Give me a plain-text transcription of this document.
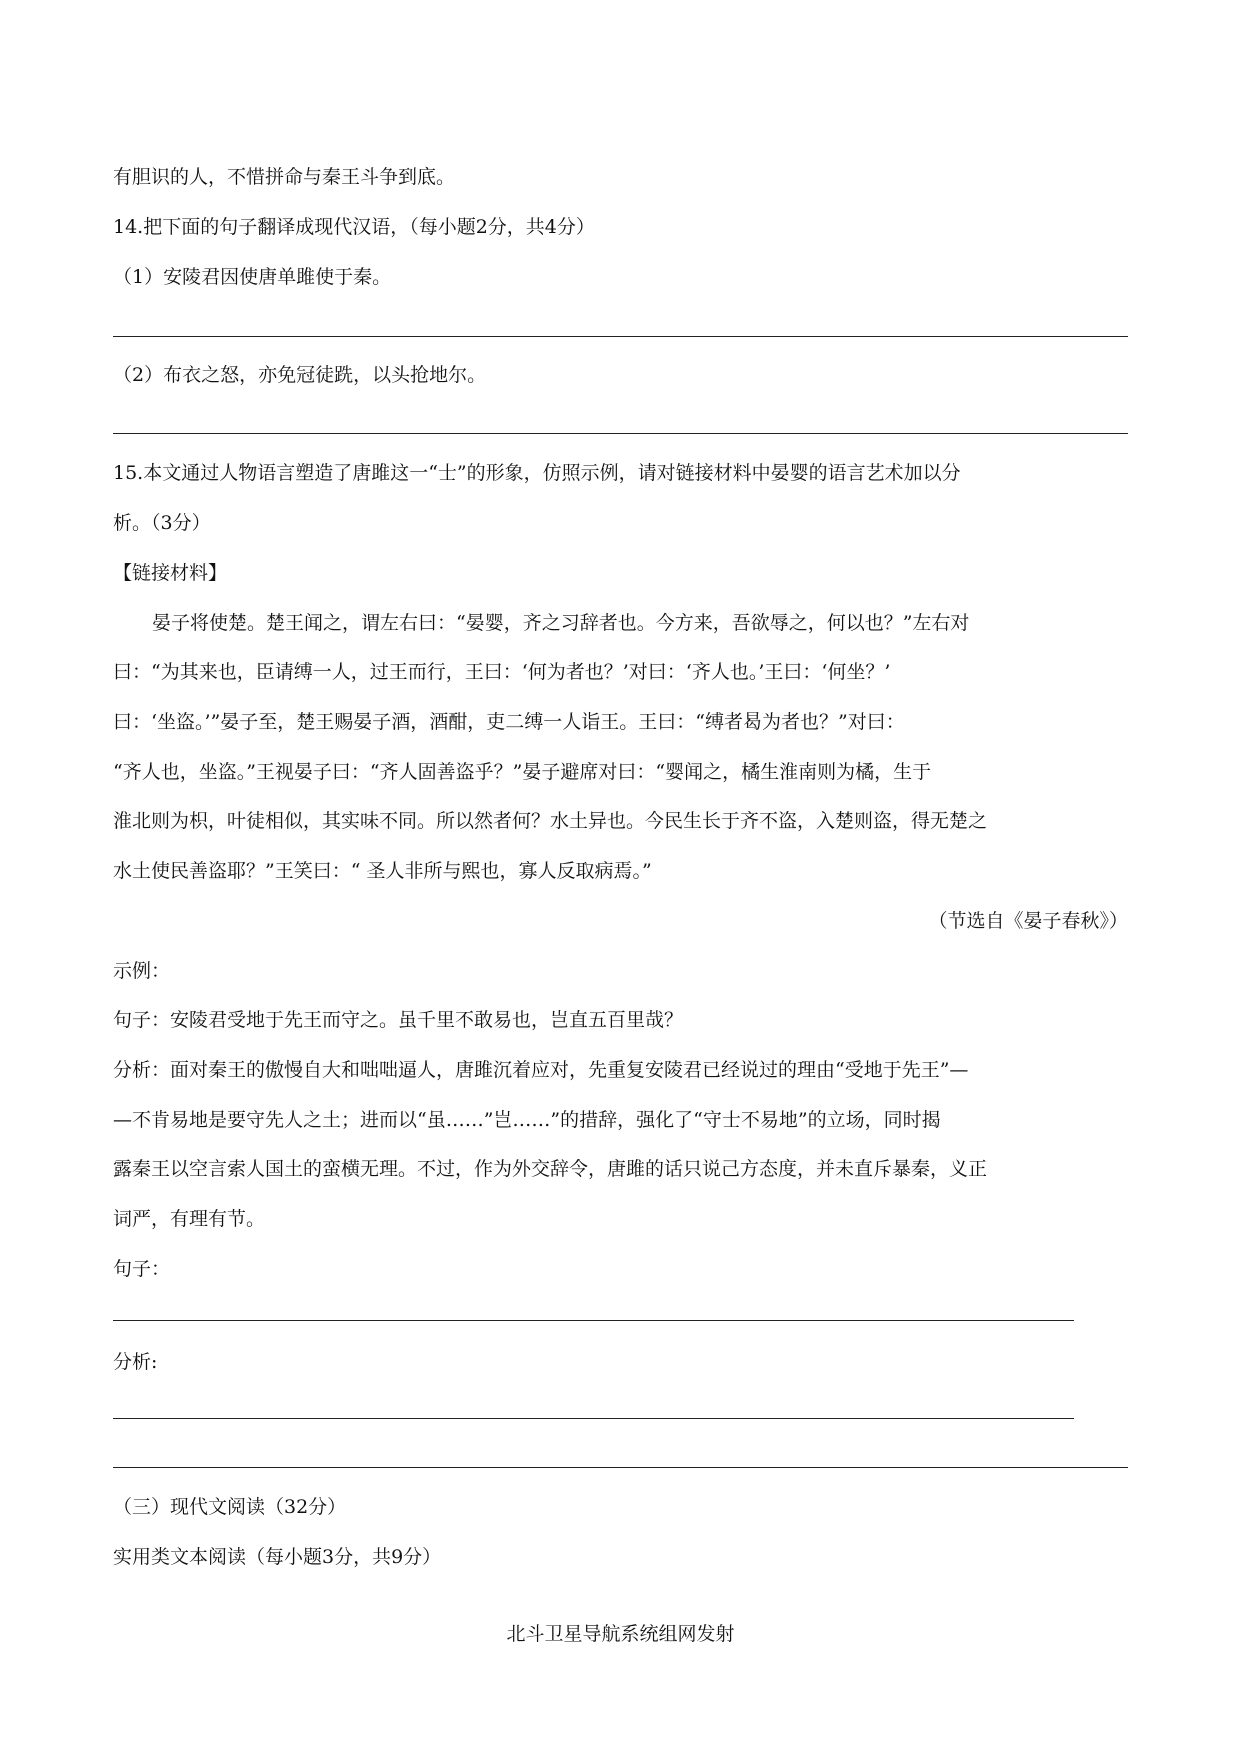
有胆识的人，不惜拼命与秦王斗争到底。
14.把下面的句子翻译成现代汉语，（每小题2分，共4分）
（1）安陵君因使唐单雎使于秦。
（2）布衣之怒，亦免冠徒跣，以头抢地尔。
15.本文通过人物语言塑造了唐雎这一“士”的形象，仿照示例，请对链接材料中晏婴的语言艺术加以分
析。（3分）
【链接材料】
晏子将使楚。楚王闻之，谓左右曰：“晏婴，齐之习辞者也。今方来，吾欲辱之，何以也？”左右对
曰：“为其来也，臣请缚一人，过王而行，王曰：‘何为者也？’对曰：‘齐人也。’王曰：‘何坐？’
曰：‘坐盗。’”晏子至，楚王赐晏子酒，酒酣，吏二缚一人诣王。王曰：“缚者曷为者也？”对曰：
“齐人也，坐盗。”王视晏子曰：“齐人固善盗乎？”晏子避席对曰：“婴闻之，橘生淮南则为橘，生于
淮北则为枳，叶徒相似，其实味不同。所以然者何？水土异也。今民生长于齐不盗，入楚则盗，得无楚之
水土使民善盗耶？”王笑曰：“ 圣人非所与熙也，寡人反取病焉。”
（节选自《晏子春秋》）
示例：
句子：安陵君受地于先王而守之。虽千里不敢易也，岂直五百里哉？
分析：面对秦王的傲慢自大和咄咄逼人，唐雎沉着应对，先重复安陵君已经说过的理由“受地于先王”—
—不肯易地是要守先人之土；进而以“虽……”岂……”的措辞，强化了“守士不易地”的立场，同时揭
露秦王以空言索人国土的蛮横无理。不过，作为外交辞令，唐雎的话只说己方态度，并未直斥暴秦，义正
词严，有理有节。
句子：
分析:
（三）现代文阅读（32分）
实用类文本阅读（每小题3分，共9分）
北斗卫星导航系统组网发射
